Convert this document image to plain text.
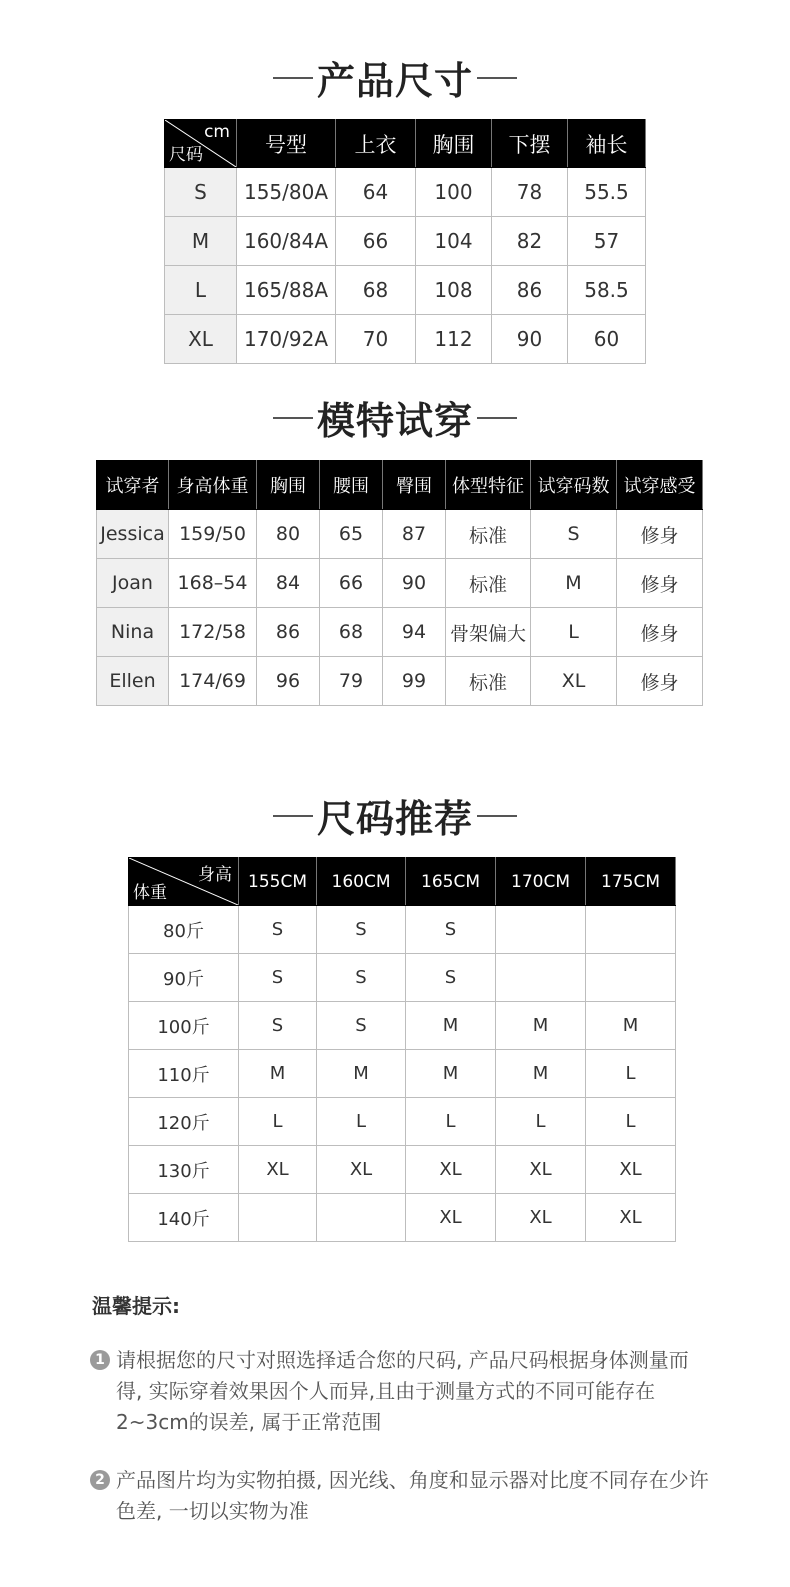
产品尺寸
cm
尺码	号型	上衣	胸围	下摆	袖长
S	155/80A	64	100	78	55.5
M	160/84A	66	104	82	57
L	165/88A	68	108	86	58.5
XL	170/92A	70	112	90	60
模特试穿
试穿者	身高体重	胸围	腰围	臀围	体型特征	试穿码数	试穿感受
Jessica	159/50	80	65	87	标准	S	修身
Joan	168–54	84	66	90	标准	M	修身
Nina	172/58	86	68	94	骨架偏大	L	修身
Ellen	174/69	96	79	99	标准	XL	修身
尺码推荐
身高
体重	155CM	160CM	165CM	170CM	175CM
80斤	S	S	S		
90斤	S	S	S		
100斤	S	S	M	M	M
110斤	M	M	M	M	L
120斤	L	L	L	L	L
130斤	XL	XL	XL	XL	XL
140斤			XL	XL	XL
温馨提示:
1 请根据您的尺寸对照选择适合您的尺码, 产品尺码根据身体测量而得, 实际穿着效果因个人而异,且由于测量方式的不同可能存在2~3cm的误差, 属于正常范围
2 产品图片均为实物拍摄, 因光线、角度和显示器对比度不同存在少许色差, 一切以实物为准
